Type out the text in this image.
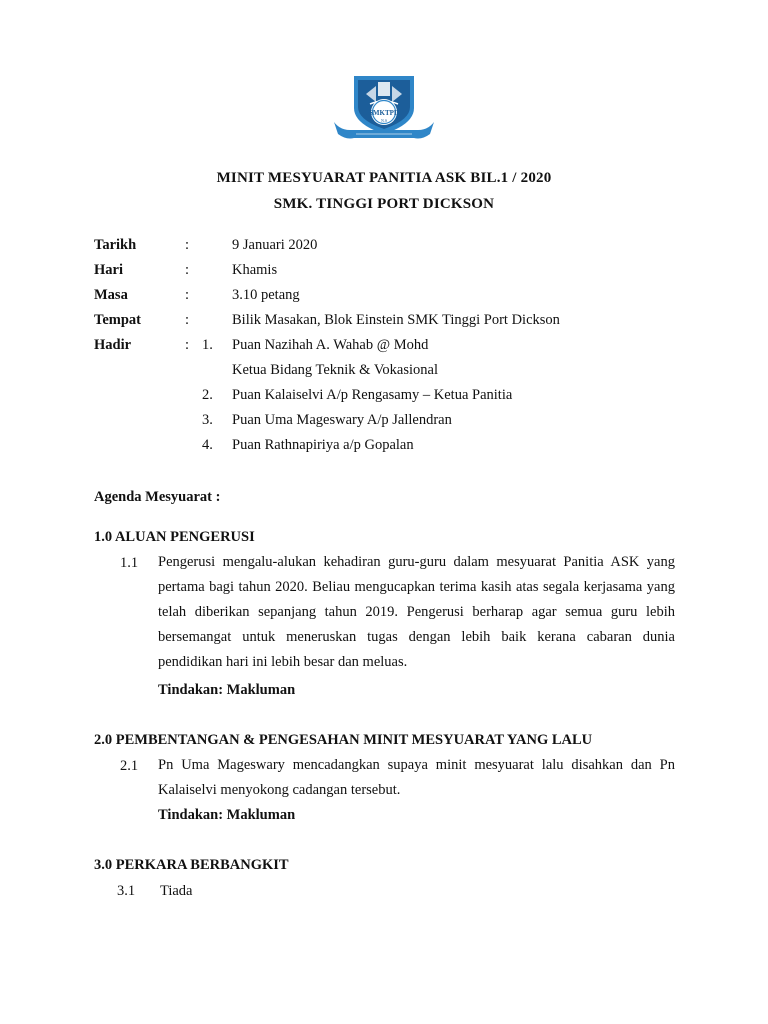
SMKTPD
N.S
MINIT MESYUARAT PANITIA ASK BIL.1 / 2020
SMK. TINGGI PORT DICKSON
Tarikh	:	9 Januari 2020
Hari	:	Khamis
Masa	:	3.10 petang
Tempat	:	Bilik Masakan, Blok Einstein SMK Tinggi Port Dickson
Hadir	: 1. Puan Nazihah A. Wahab @ Mohd
Ketua Bidang Teknik & Vokasional
2. Puan Kalaiselvi A/p Rengasamy – Ketua Panitia
3. Puan Uma Mageswary A/p Jallendran
4. Puan Rathnapiriya a/p Gopalan
Agenda Mesyuarat :
1.0 ALUAN PENGERUSI
1.1 Pengerusi mengalu-alukan kehadiran guru-guru dalam mesyuarat Panitia ASK yang pertama bagi tahun 2020. Beliau mengucapkan terima kasih atas segala kerjasama yang telah diberikan sepanjang tahun 2019. Pengerusi berharap agar semua guru lebih bersemangat untuk meneruskan tugas dengan lebih baik kerana cabaran dunia pendidikan hari ini lebih besar dan meluas.
Tindakan: Makluman
2.0 PEMBENTANGAN & PENGESAHAN MINIT MESYUARAT YANG LALU
2.1 Pn Uma Mageswary mencadangkan supaya minit mesyuarat lalu disahkan dan Pn Kalaiselvi menyokong cadangan tersebut.
Tindakan: Makluman
3.0 PERKARA BERBANGKIT
3.1 Tiada
